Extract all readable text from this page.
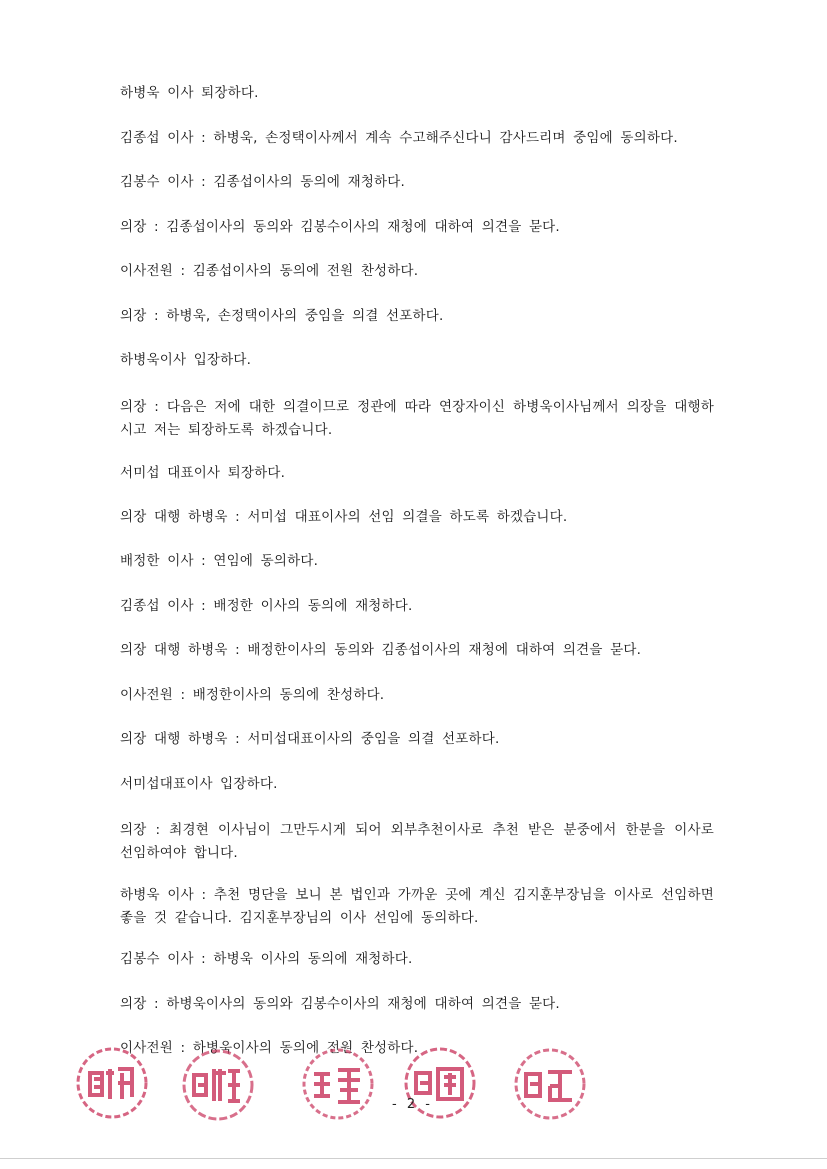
하병욱 이사 퇴장하다.

김종섭 이사 : 하병욱, 손정택이사께서 계속 수고해주신다니 감사드리며 중임에 동의하다.

김봉수 이사 : 김종섭이사의 동의에 재청하다.

의장 : 김종섭이사의 동의와 김봉수이사의 재청에 대하여 의견을 묻다.

이사전원 : 김종섭이사의 동의에 전원 찬성하다.

의장 : 하병욱, 손정택이사의 중임을 의결 선포하다.

하병욱이사 입장하다.

의장 : 다음은 저에 대한 의결이므로 정관에 따라 연장자이신 하병욱이사님께서 의장을 대행하시고 저는 퇴장하도록 하겠습니다.

서미섭 대표이사 퇴장하다.

의장 대행 하병욱 : 서미섭 대표이사의 선임 의결을 하도록 하겠습니다.

배정한 이사 : 연임에 동의하다.

김종섭 이사 : 배정한 이사의 동의에 재청하다.

의장 대행 하병욱 : 배정한이사의 동의와 김종섭이사의 재청에 대하여 의견을 묻다.

이사전원 : 배정한이사의 동의에 찬성하다.

의장 대행 하병욱 : 서미섭대표이사의 중임을 의결 선포하다.

서미섭대표이사 입장하다.

의장 : 최경현 이사님이 그만두시게 되어 외부추천이사로 추천 받은 분중에서 한분을 이사로 선임하여야 합니다.

하병욱 이사 : 추천 명단을 보니 본 법인과 가까운 곳에 계신 김지훈부장님을 이사로 선임하면 좋을 것 같습니다. 김지훈부장님의 이사 선임에 동의하다.

김봉수 이사 : 하병욱 이사의 동의에 재청하다.

의장 : 하병욱이사의 동의와 김봉수이사의 재청에 대하여 의견을 묻다.

이사전원 : 하병욱이사의 동의에 전원 찬성하다.

- 2 -
